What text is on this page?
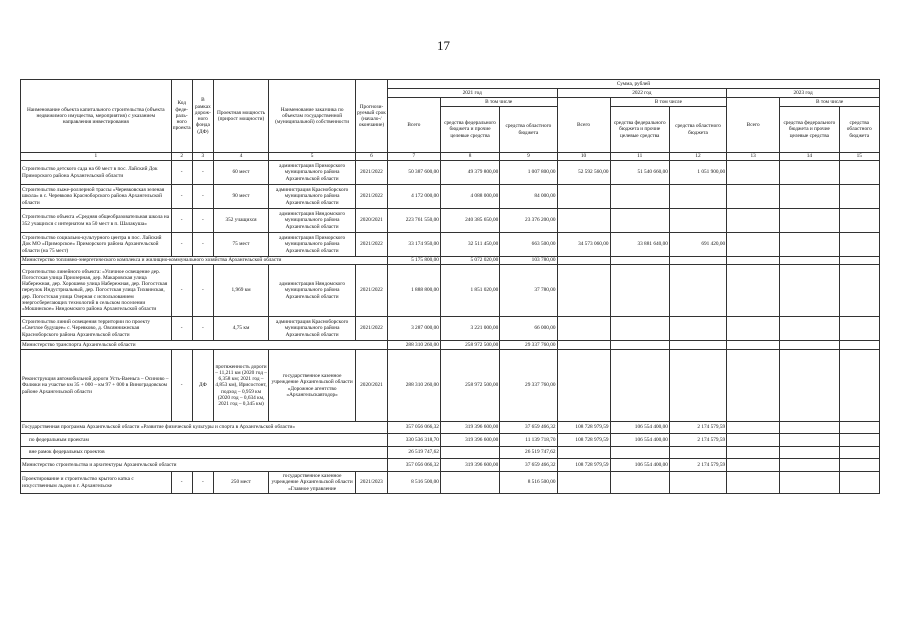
17
Наименование объекта капитального строительства (объекта недвижимого имущества, мероприятия) с указанием направления инвестирования	Код феде-раль-ного проекта	В рамках дорож-ного фонда (ДФ)	Проектная мощность (прирост мощности)	Наименование заказчика по объектам государственной (муниципальной) собственности	Прогнози-руемый срок (начало-/окончание)	Сумма, рублей								
						2021 год			2022 год			2023 год		
						Всего	В том числе		Всего	В том числе		Всего	В том числе	
							средства федерального бюджета и прочие целевые средства	средства областного бюджета		средства федерального бюджета и прочие целевые средства	средства областного бюджета		средства федерального бюджета и прочие целевые средства	средства областного бюджета
1	2	3	4	5	6	7	8	9	10	11	12	13	14	15
Строительство детского сада на 60 мест в пос. Лайский Док Приморского района Архангельской области	-	-	60 мест	администрация Приморского муниципального района Архангельской области	2021/2022	50 387 600,00	49 379 800,00	1 007 800,00	52 592 560,00	51 540 660,00	1 051 900,00			
Строительство лыже-роллерной трассы «Черевковская зеленая школа» в с. Черевково Красноборского района Архангельской области	-	-	90 мест	администрация Красноборского муниципального района Архангельской области	2021/2022	4 172 000,00	4 088 000,00	84 000,00						
Строительство объекта «Средняя общеобразовательная школа на 352 учащихся с интернатом на 50 мест в п. Шалакуша»	-	-	352 учащихся	администрация Няндомского муниципального района Архангельской области	2020/2021	223 761 550,00	240 385 650,00	23 376 200,00						
Строительство социально-культурного центра в пос. Лайский Док МО «Приморское» Приморского района Архангельской области (на 75 мест)	-	-	75 мест	администрация Приморского муниципального района Архангельской области	2021/2022	33 174 950,00	32 511 450,00	663 500,00	34 573 060,00	33 881 640,00	691 420,00			
Министерство топливно-энергетического комплекса и жилищно-коммунального хозяйства Архангельской области						5 175 800,00	5 072 020,00	103 780,00						
Строительство линейного объекта: «Уличное освещение дер. Погостская улица Приозерная, дер. Макаровская улица Набережная, дер. Хорошево улица Набережная, дер. Погостская переулок Индустриальный, дер. Погостская улица Тихвинская, дер. Погостская улица Озерная с использованием энергосберегающих технологий в сельском поселении «Мошинское» Няндомского района Архангельской области	-	-	1,969 км	администрация Няндомского муниципального района Архангельской области	2021/2022	1 888 800,00	1 851 020,00	37 780,00						
Строительство линий освещения территории по проекту «Светлое будущее» с. Черевково, д. Овсяннижнская Красноборского района Архангельской области	-	-	4,75 км	администрация Красноборского муниципального района Архангельской области	2021/2022	3 287 000,00	3 221 000,00	66 000,00						
Министерство транспорта Архангельской области						288 310 260,00	258 972 500,00	29 337 760,00						
Реконструкция автомобильной дороги Усть-Ваеньга – Осиново – Фалюки на участке км 35 + 000 – км 97 + 000 в Виноградовском районе Архангельской области	-	ДФ	протяженность дороги – 11,211 км (2020 год – 6,358 км; 2021 год – 4,853 км), Ирисостонт, подход – 0,959 км (2020 год – 0,634 км, 2021 год – 0,345 км)	государственное казенное учреждение Архангельской области «Дорожное агентство «Архангельскавтодор»	2020/2021	288 310 260,00	258 972 500,00	29 337 760,00						
Государственная программа Архангельской области «Развитие физической культуры и спорта в Архангельской области»						357 056 066,32	319 396 600,00	37 659 466,32	108 728 979,59	106 554 400,00	2 174 579,59			
по федеральным проектам						330 536 318,70	319 396 600,00	11 139 718,70	108 728 979,59	106 554 400,00	2 174 579,59			
вне рамок федеральных проектов						26 519 747,62		26 519 747,62						
Министерство строительства и архитектуры Архангельской области						357 056 066,32	319 396 600,00	37 659 466,32	108 728 979,59	106 554 400,00	2 174 579,59			
Проектирование и строительство крытого катка с искусственным льдом в г. Архангельске	-	-	250 мест	государственное казенное учреждение Архангельской области «Главное управление	2021/2023	8 516 500,00		8 516 500,00						
